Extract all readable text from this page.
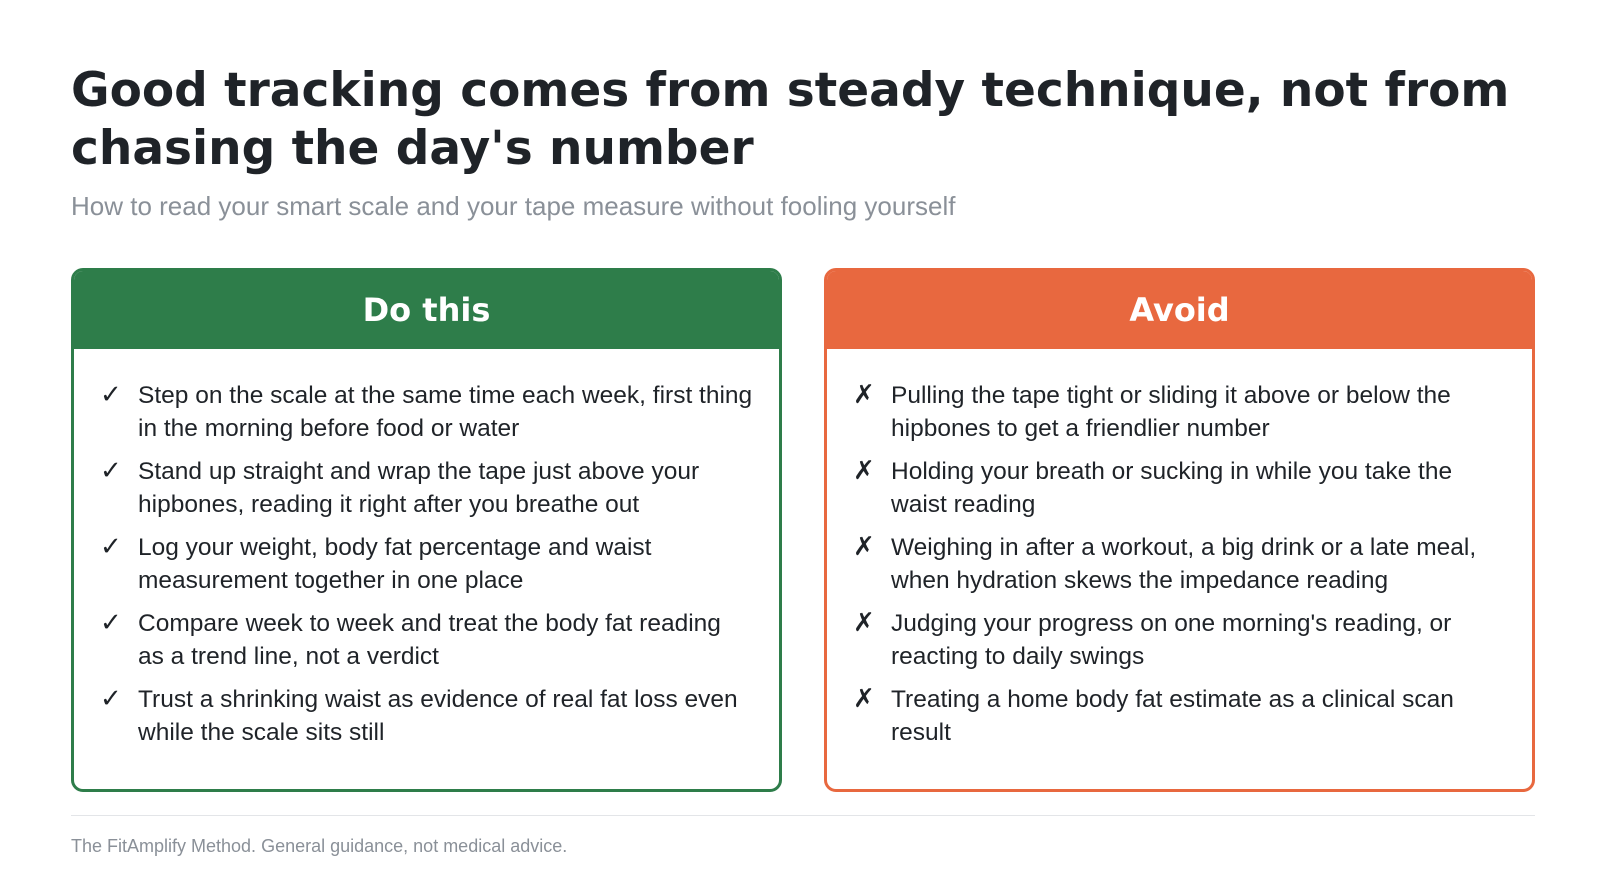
Good tracking comes from steady technique, not from chasing the day's number
How to read your smart scale and your tape measure without fooling yourself
Do this
✓ Step on the scale at the same time each week, first thing in the morning before food or water
✓ Stand up straight and wrap the tape just above your hipbones, reading it right after you breathe out
✓ Log your weight, body fat percentage and waist measurement together in one place
✓ Compare week to week and treat the body fat reading as a trend line, not a verdict
✓ Trust a shrinking waist as evidence of real fat loss even while the scale sits still
Avoid
✗ Pulling the tape tight or sliding it above or below the hipbones to get a friendlier number
✗ Holding your breath or sucking in while you take the waist reading
✗ Weighing in after a workout, a big drink or a late meal, when hydration skews the impedance reading
✗ Judging your progress on one morning's reading, or reacting to daily swings
✗ Treating a home body fat estimate as a clinical scan result
The FitAmplify Method. General guidance, not medical advice.
